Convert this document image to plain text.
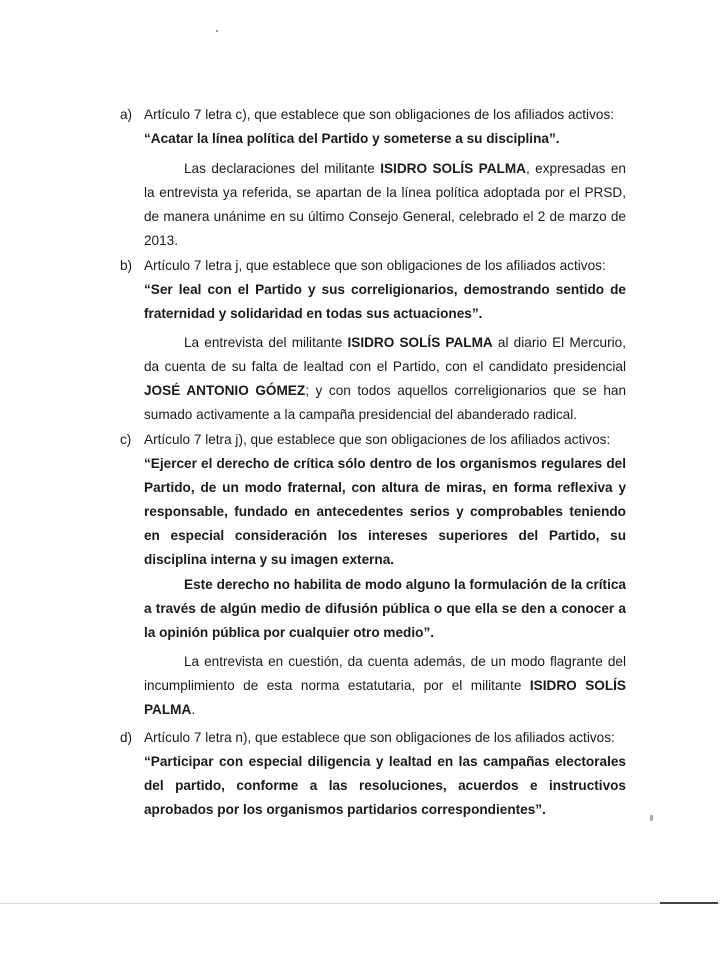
a) Artículo 7 letra c), que establece que son obligaciones de los afiliados activos:
“Acatar la línea política del Partido y someterse a su disciplina”.
Las declaraciones del militante ISIDRO SOLÍS PALMA, expresadas en la entrevista ya referida, se apartan de la línea política adoptada por el PRSD, de manera unánime en su último Consejo General, celebrado el 2 de marzo de 2013.
b) Artículo 7 letra j, que establece que son obligaciones de los afiliados activos:
“Ser leal con el Partido y sus correligionarios, demostrando sentido de fraternidad y solidaridad en todas sus actuaciones”.
La entrevista del militante ISIDRO SOLÍS PALMA al diario El Mercurio, da cuenta de su falta de lealtad con el Partido, con el candidato presidencial JOSÉ ANTONIO GÓMEZ; y con todos aquellos correligionarios que se han sumado activamente a la campaña presidencial del abanderado radical.
c) Artículo 7 letra j), que establece que son obligaciones de los afiliados activos:
“Ejercer el derecho de crítica sólo dentro de los organismos regulares del Partido, de un modo fraternal, con altura de miras, en forma reflexiva y responsable, fundado en antecedentes serios y comprobables teniendo en especial consideración los intereses superiores del Partido, su disciplina interna y su imagen externa.
Este derecho no habilita de modo alguno la formulación de la crítica a través de algún medio de difusión pública o que ella se den a conocer a la opinión pública por cualquier otro medio”.
La entrevista en cuestión, da cuenta además, de un modo flagrante del incumplimiento de esta norma estatutaria, por el militante ISIDRO SOLÍS PALMA.
d) Artículo 7 letra n), que establece que son obligaciones de los afiliados activos:
“Participar con especial diligencia y lealtad en las campañas electorales del partido, conforme a las resoluciones, acuerdos e instructivos aprobados por los organismos partidarios correspondientes”.
